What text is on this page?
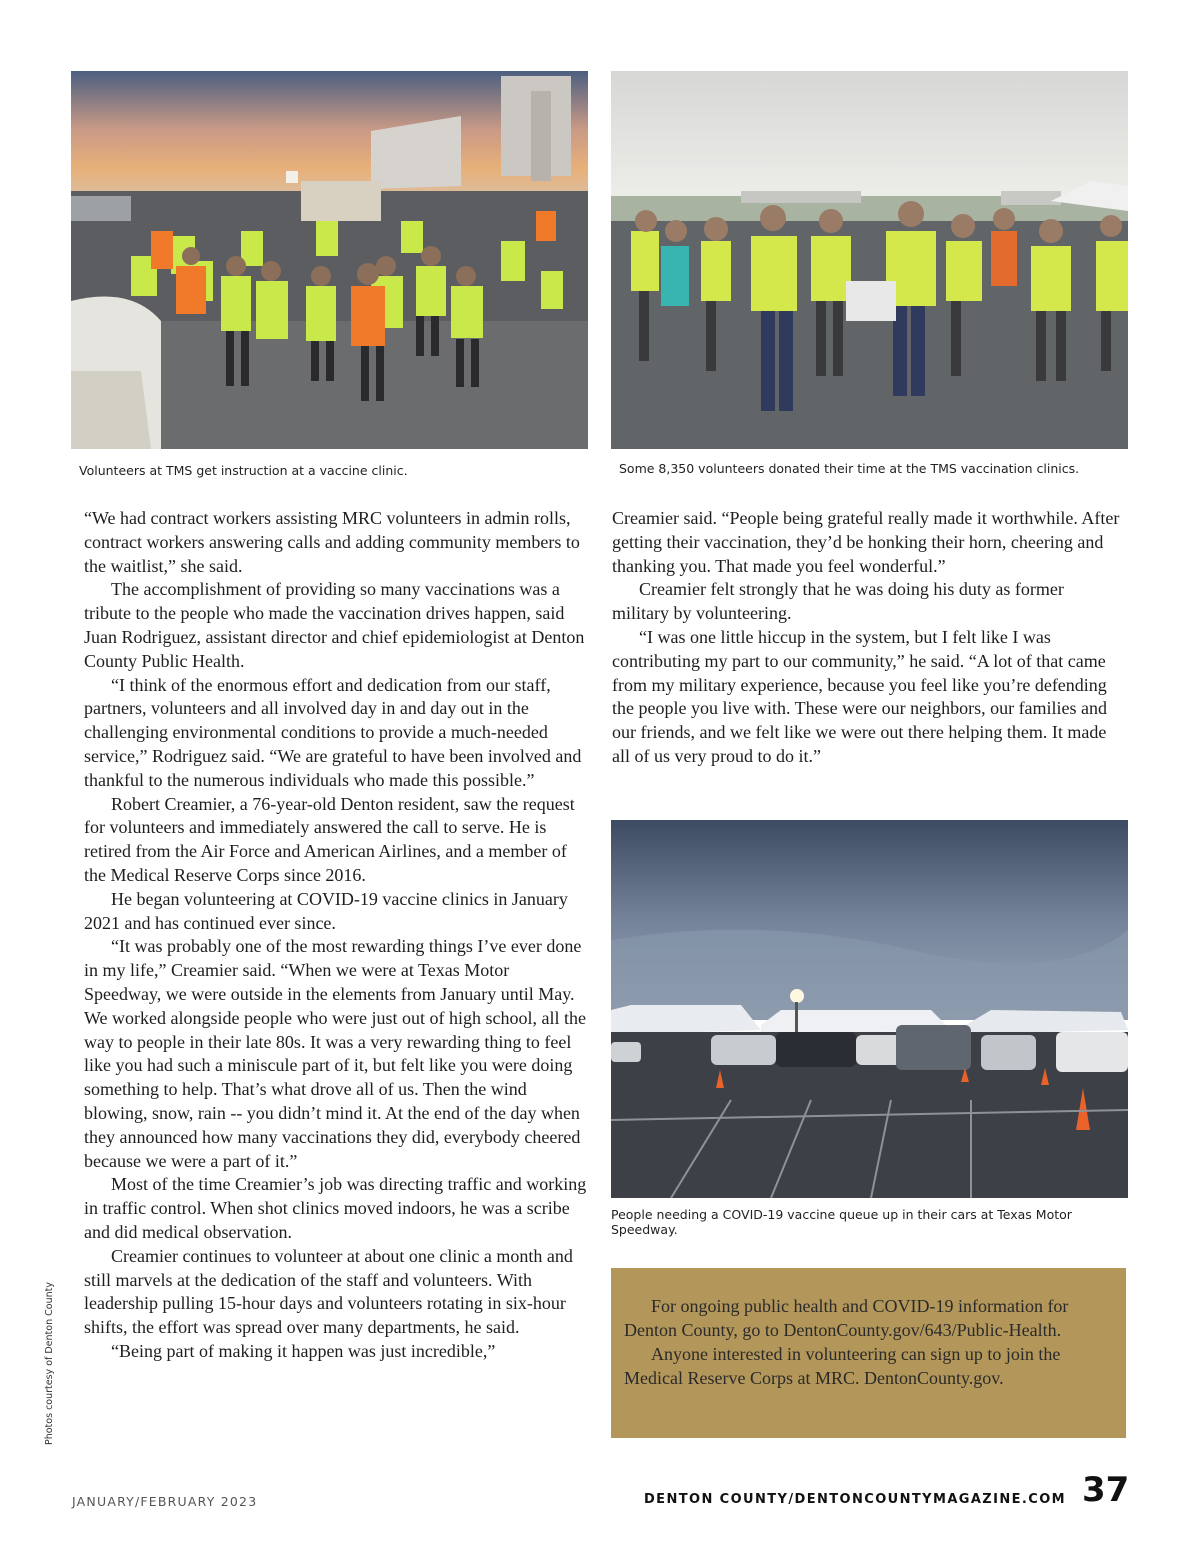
Volunteers at TMS get instruction at a vaccine clinic.	Some 8,350 volunteers donated their time at the TMS vaccination clinics.
People needing a COVID-19 vaccine queue up in their cars at Texas Motor Speedway.

“We had contract workers assisting MRC volunteers in admin rolls, contract workers answering calls and adding community members to the waitlist,” she said.

The accomplishment of providing so many vaccinations was a tribute to the people who made the vaccination drives happen, said Juan Rodriguez, assistant director and chief epidemiologist at Denton County Public Health.

“I think of the enormous effort and dedication from our staff, partners, volunteers and all involved day in and day out in the challenging environmental conditions to provide a much-needed service,” Rodriguez said. “We are grateful to have been involved and thankful to the numerous individuals who made this possible.”

Robert Creamier, a 76-year-old Denton resident, saw the request for volunteers and immediately answered the call to serve. He is retired from the Air Force and American Airlines, and a member of the Medical Reserve Corps since 2016.

He began volunteering at COVID-19 vaccine clinics in January 2021 and has continued ever since.

“It was probably one of the most rewarding things I’ve ever done in my life,” Creamier said. “When we were at Texas Motor Speedway, we were outside in the elements from January until May. We worked alongside people who were just out of high school, all the way to people in their late 80s. It was a very rewarding thing to feel like you had such a miniscule part of it, but felt like you were doing something to help. That’s what drove all of us. Then the wind blowing, snow, rain -- you didn’t mind it. At the end of the day when they announced how many vaccinations they did, everybody cheered because we were a part of it.”

Most of the time Creamier’s job was directing traffic and working in traffic control. When shot clinics moved indoors, he was a scribe and did medical observation.

Creamier continues to volunteer at about one clinic a month and still marvels at the dedication of the staff and volunteers. With leadership pulling 15-hour days and volunteers rotating in six-hour shifts, the effort was spread over many departments, he said.

“Being part of making it happen was just incredible,”

Creamier said. “People being grateful really made it worthwhile. After getting their vaccination, they’d be honking their horn, cheering and thanking you. That made you feel wonderful.”

Creamier felt strongly that he was doing his duty as former military by volunteering.

“I was one little hiccup in the system, but I felt like I was contributing my part to our community,” he said. “A lot of that came from my military experience, because you feel like you’re defending the people you live with. These were our neighbors, our families and our friends, and we felt like we were out there helping them. It made all of us very proud to do it.”

For ongoing public health and COVID-19 information for Denton County, go to DentonCounty.gov/643/Public-Health.

Anyone interested in volunteering can sign up to join the Medical Reserve Corps at MRC. DentonCounty.gov.

Photos courtesy of Denton County
JANUARY/FEBRUARY 2023	DENTON COUNTY/DENTONCOUNTYMAGAZINE.COM 37
